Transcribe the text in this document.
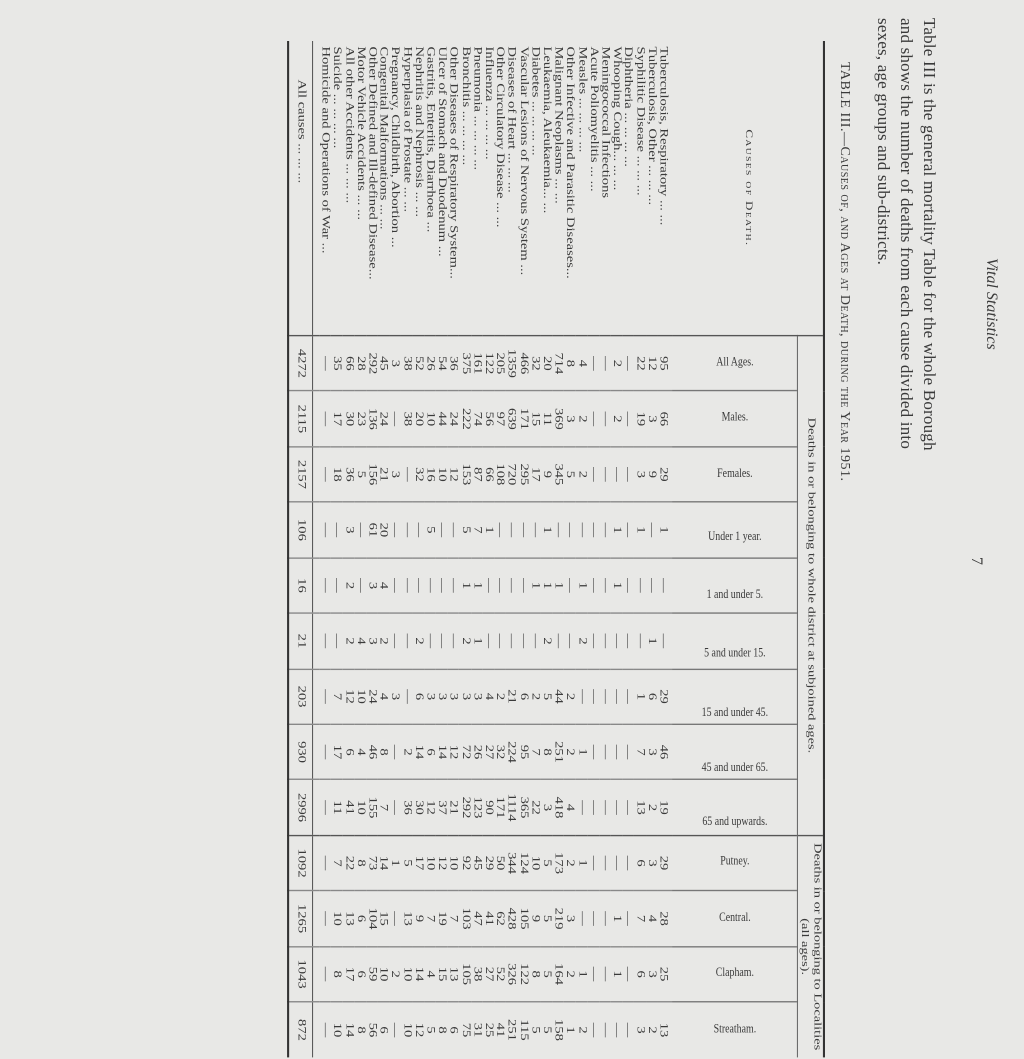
7
Vital Statistics
Table III is the general mortality Table for the whole Borough
and shows the number of deaths from each cause divided into
sexes, age groups and sub-districts.
TABLE III.—Causes of, and Ages at Death, during the Year 1951.
Causes of Death.	Deaths in or belonging to whole district at subjoined ages.									Deaths in or belonging to Localities (all ages).			
	All Ages.	Males.	Females.	Under 1 year.	1 and under 5.	5 and under 15.	15 and under 45.	45 and under 65.	65 and upwards.	Putney.	Central.	Clapham.	Streatham.
Tuberculosis, Respiratory ... ...	95	66	29	1	—	—	29	46	19	29	28	25	13
Tuberculosis, Other ... ... ...	12	3	9	—	—	1	6	3	2	3	4	3	2
Syphilitic Disease ... ... ...	22	19	3	1	—	—	1	7	13	6	7	6	3
Diphtheria ... ... ... ...	—	—	—	—	—	—	—	—	—	—	—	—	—
Whooping Cough... ... ...	2	2	—	1	1	—	—	—	—	—	1	1	—
Meningococcal Infections	—	—	—	—	—	—	—	—	—	—	—	—	—
Acute Poliomyelitis ... ...	—	—	—	—	—	—	—	—	—	—	—	—	—
Measles ... ... ... ...	4	2	2	—	1	2	—	1	—	1	—	1	2
Other Infective and Parasitic Diseases...	8	3	5	—	—	—	2	2	4	2	3	2	1
Malignant Neoplasms ... ...	714	369	345	—	1	—	44	251	418	173	219	164	158
Leukaemia, Aleukaemia... ...	20	11	9	1	1	2	5	8	3	5	5	5	5
Diabetes ... ... ... ...	32	15	17	—	1	—	2	7	22	10	9	8	5
Vascular Lesions of Nervous System ...	466	171	295	—	—	—	6	95	365	124	105	122	115
Diseases of Heart ... ... ...	1359	639	720	—	—	—	21	224	1114	344	428	326	251
Other Circulatory Disease ... ...	205	97	108	—	—	—	2	32	171	50	62	52	41
Influenza ... ... ... ...	122	56	66	1	—	—	4	27	90	29	41	27	25
Pneumonia ... ... ... ...	161	74	87	7	1	1	3	26	123	45	47	38	31
Bronchitis ... ... ... ...	375	222	153	5	1	2	3	72	292	92	103	105	75
Other Diseases of Respiratory System...	36	24	12	—	—	—	3	12	21	10	7	13	6
Ulcer of Stomach and Duodenum ...	54	44	10	—	—	—	3	14	37	12	19	15	8
Gastritis, Enteritis, Diarrhoea ...	26	10	16	5	—	—	3	6	12	10	7	4	5
Nephritis and Nephrosis ... ...	52	20	32	—	—	2	6	14	30	17	9	14	12
Hyperplasia of Prostate ... ...	38	38	—	—	—	—	—	2	36	5	13	10	10
Pregnancy, Childbirth, Abortion ...	3	—	3	—	—	—	3	—	—	1	—	2	—
Congenital Malformations ... ...	45	24	21	20	4	2	4	8	7	14	15	10	6
Other Defined and Ill-defined Disease...	292	136	156	61	3	3	24	46	155	73	104	59	56
Motor Vehicle Accidents ... ...	28	23	5	—	—	4	10	4	10	8	6	6	8
All other Accidents ... ... ...	66	30	36	3	2	2	12	6	41	22	13	17	14
Suicide ... ... ... ...	35	17	18	—	—	—	7	17	11	7	10	8	10
Homicide and Operations of War ...	—	—	—	—	—	—	—	—	—	—	—	—	—

All causes ... ... ...	4272	2115	2157	106	16	21	203	930	2996	1092	1265	1043	872
